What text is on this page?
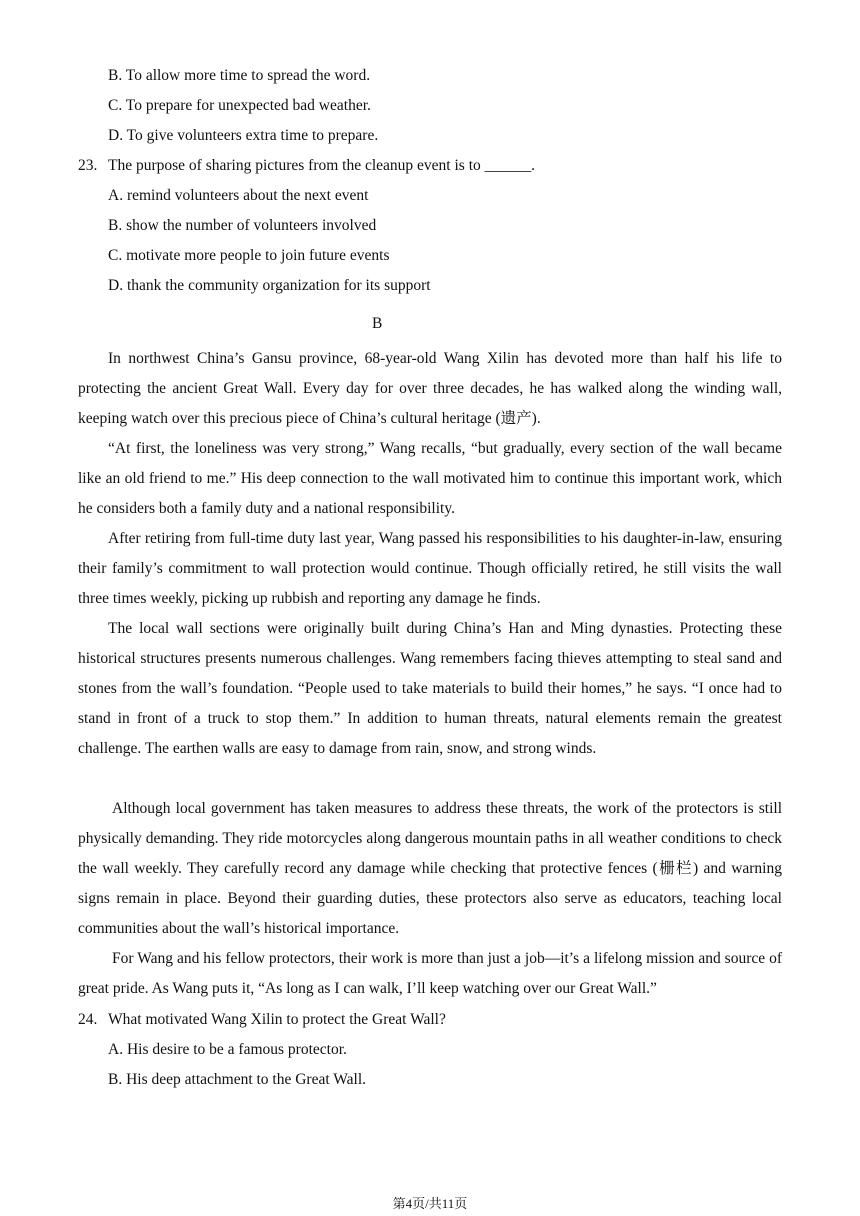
B. To allow more time to spread the word.
C. To prepare for unexpected bad weather.
D. To give volunteers extra time to prepare.
23. The purpose of sharing pictures from the cleanup event is to ______.
A. remind volunteers about the next event
B. show the number of volunteers involved
C. motivate more people to join future events
D. thank the community organization for its support
B
In northwest China’s Gansu province, 68-year-old Wang Xilin has devoted more than half his life to protecting the ancient Great Wall. Every day for over three decades, he has walked along the winding wall, keeping watch over this precious piece of China’s cultural heritage (遗产).
“At first, the loneliness was very strong,” Wang recalls, “but gradually, every section of the wall became like an old friend to me.” His deep connection to the wall motivated him to continue this important work, which he considers both a family duty and a national responsibility.
After retiring from full-time duty last year, Wang passed his responsibilities to his daughter-in-law, ensuring their family’s commitment to wall protection would continue. Though officially retired, he still visits the wall three times weekly, picking up rubbish and reporting any damage he finds.
The local wall sections were originally built during China’s Han and Ming dynasties. Protecting these historical structures presents numerous challenges. Wang remembers facing thieves attempting to steal sand and stones from the wall’s foundation. “People used to take materials to build their homes,” he says. “I once had to stand in front of a truck to stop them.” In addition to human threats, natural elements remain the greatest challenge. The earthen walls are easy to damage from rain, snow, and strong winds.
Although local government has taken measures to address these threats, the work of the protectors is still physically demanding. They ride motorcycles along dangerous mountain paths in all weather conditions to check the wall weekly. They carefully record any damage while checking that protective fences (栅栏) and warning signs remain in place. Beyond their guarding duties, these protectors also serve as educators, teaching local communities about the wall’s historical importance.
For Wang and his fellow protectors, their work is more than just a job—it’s a lifelong mission and source of great pride. As Wang puts it, “As long as I can walk, I’ll keep watching over our Great Wall.”
24. What motivated Wang Xilin to protect the Great Wall?
A. His desire to be a famous protector.
B. His deep attachment to the Great Wall.
第4页/共11页
